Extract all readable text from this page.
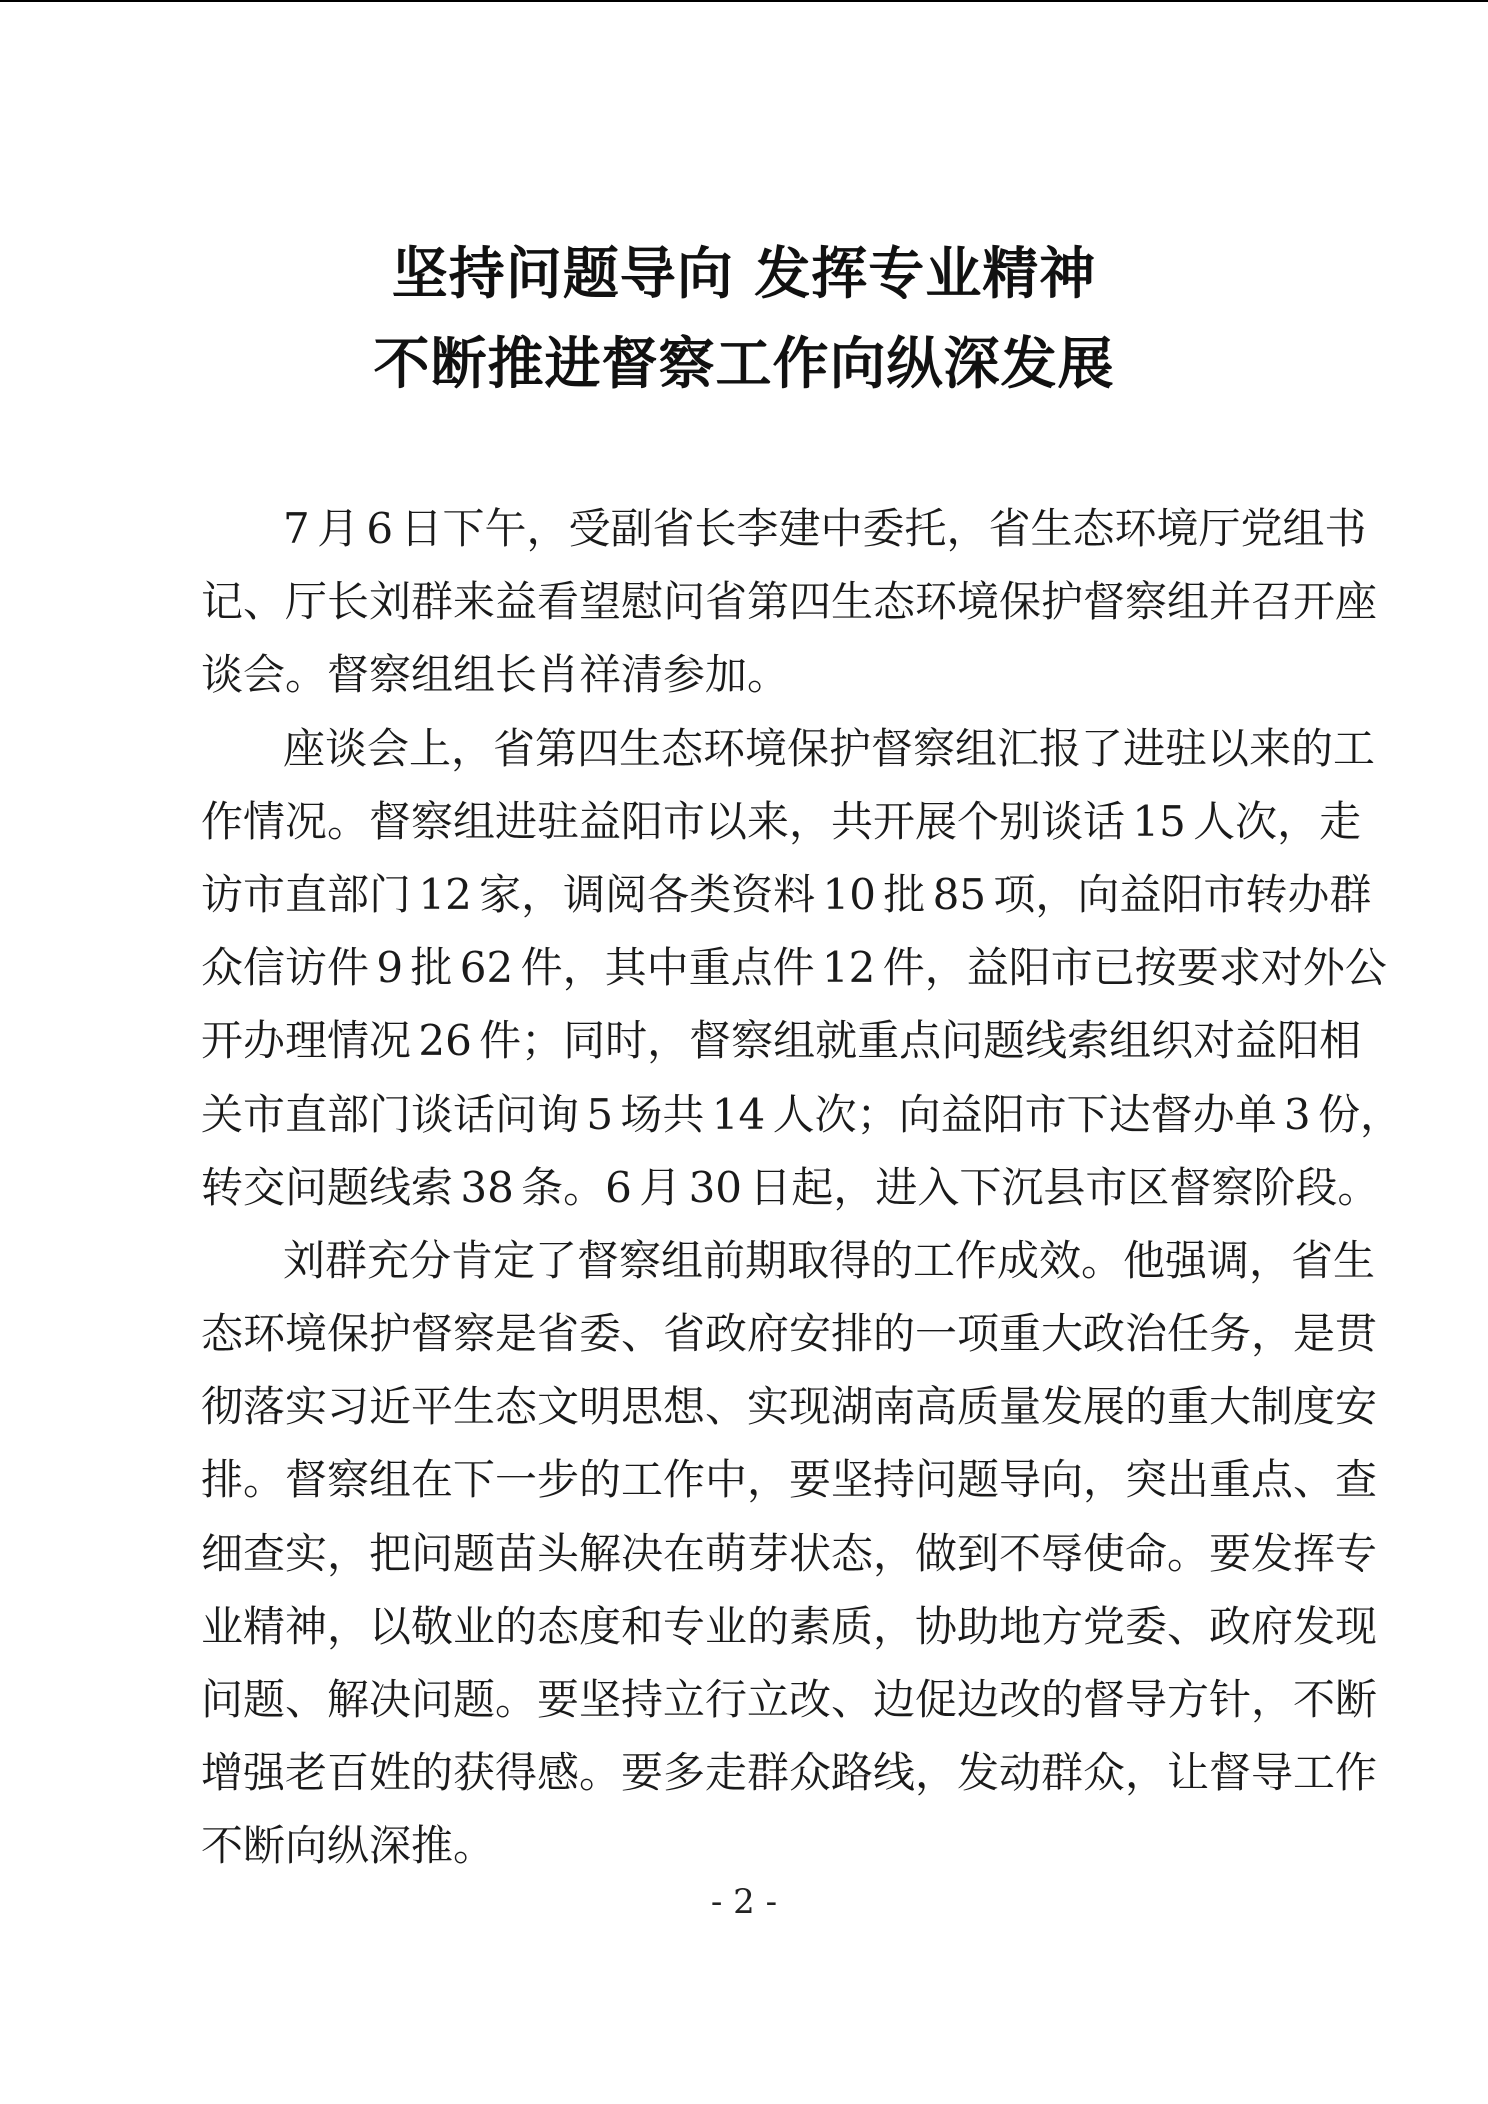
坚持问题导向 发挥专业精神
不断推进督察工作向纵深发展
7 月 6 日下午，受副省长李建中委托，省生态环境厅党组书
记、厅长刘群来益看望慰问省第四生态环境保护督察组并召开座
谈会。督察组组长肖祥清参加。
座谈会上，省第四生态环境保护督察组汇报了进驻以来的工
作情况。督察组进驻益阳市以来，共开展个别谈话 15 人次，走
访市直部门 12 家，调阅各类资料 10 批 85 项，向益阳市转办群
众信访件 9 批 62 件，其中重点件 12 件，益阳市已按要求对外公
开办理情况 26 件；同时，督察组就重点问题线索组织对益阳相
关市直部门谈话问询 5 场共 14 人次；向益阳市下达督办单 3 份，
转交问题线索 38 条。6 月 30 日起，进入下沉县市区督察阶段。
刘群充分肯定了督察组前期取得的工作成效。他强调，省生
态环境保护督察是省委、省政府安排的一项重大政治任务，是贯
彻落实习近平生态文明思想、实现湖南高质量发展的重大制度安
排。督察组在下一步的工作中，要坚持问题导向，突出重点、查
细查实，把问题苗头解决在萌芽状态，做到不辱使命。要发挥专
业精神，以敬业的态度和专业的素质，协助地方党委、政府发现
问题、解决问题。要坚持立行立改、边促边改的督导方针，不断
增强老百姓的获得感。要多走群众路线，发动群众，让督导工作
不断向纵深推。
- 2 -
